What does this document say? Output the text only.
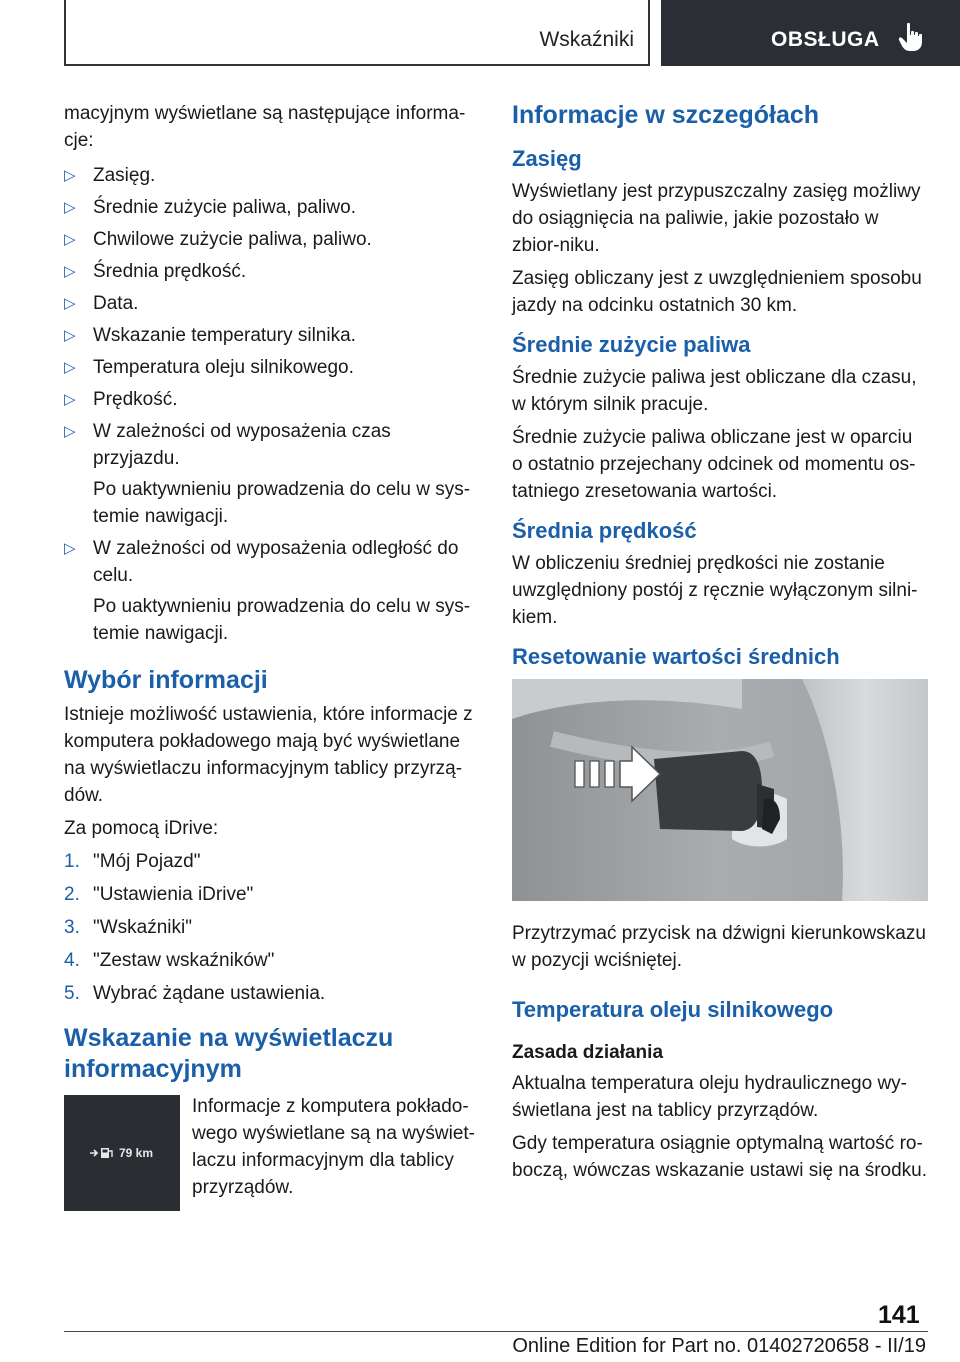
Wskaźniki	OBSŁUGA

macyjnym wyświetlane są następujące informa-cje:

▷ Zasięg.
▷ Średnie zużycie paliwa, paliwo.
▷ Chwilowe zużycie paliwa, paliwo.
▷ Średnia prędkość.
▷ Data.
▷ Wskazanie temperatury silnika.
▷ Temperatura oleju silnikowego.
▷ Prędkość.
▷ W zależności od wyposażenia czas przyjazdu.

Po uaktywnieniu prowadzenia do celu w sys-temie nawigacji.

▷ W zależności od wyposażenia odległość do celu.

Po uaktywnieniu prowadzenia do celu w sys-temie nawigacji.

Wybór informacji

Istnieje możliwość ustawienia, które informacje z komputera pokładowego mają być wyświetlane na wyświetlaczu informacyjnym tablicy przyrzą-dów.

Za pomocą iDrive:

1. "Mój Pojazd"
2. "Ustawienia iDrive"
3. "Wskaźniki"
4. "Zestaw wskaźników"
5. Wybrać żądane ustawienia.
Wskazanie na wyświetlaczu informacyjnym
79 km

Informacje z komputera pokłado-wego wyświetlane są na wyświet-laczu informacyjnym dla tablicy przyrządów.

Informacje w szczegółach
Zasięg

Wyświetlany jest przypuszczalny zasięg możliwy do osiągnięcia na paliwie, jakie pozostało w zbior-niku.

Zasięg obliczany jest z uwzględnieniem sposobu jazdy na odcinku ostatnich 30 km.

Średnie zużycie paliwa

Średnie zużycie paliwa jest obliczane dla czasu, w którym silnik pracuje.

Średnie zużycie paliwa obliczane jest w oparciu o ostatnio przejechany odcinek od momentu os-tatniego zresetowania wartości.

Średnia prędkość

W obliczeniu średniej prędkości nie zostanie uwzględniony postój z ręcznie wyłączonym silni-kiem.

Resetowanie wartości średnich

Przytrzymać przycisk na dźwigni kierunkowskazu w pozycji wciśniętej.

Temperatura oleju silnikowego
Zasada działania

Aktualna temperatura oleju hydraulicznego wy-świetlana jest na tablicy przyrządów.

Gdy temperatura osiągnie optymalną wartość ro-boczą, wówczas wskazanie ustawi się na środku.

141
Online Edition for Part no. 01402720658 - II/19
